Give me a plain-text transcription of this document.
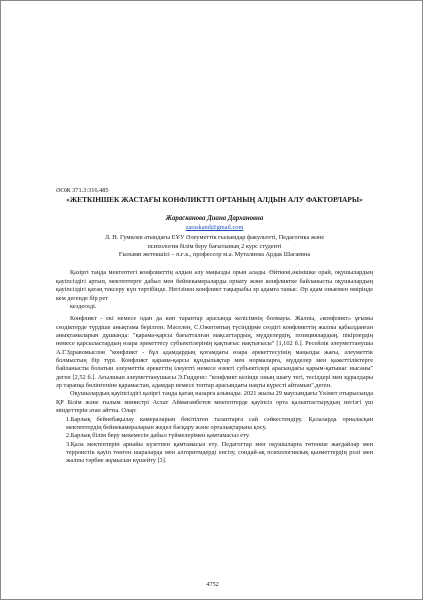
ӘОЖ 371.3:316.485

«ЖЕТКІНШЕК ЖАСТАҒЫ КОНФЛИКТТІ ОРТАНЫҢ АЛДЫН АЛУ ФАКТОРЛАРЫ»

Жарасканова Диана Дархановна

zaraskand@gmail.com
Л. Н. Гумилев атындағы ЕҰУ Әлеуметтік ғылымдар факультеті, Педагогика және
психология білім беру бағытының 2 курс студенті
Ғылыми жетекшісі – п.ғ.к., профессор м.а. Муталиева Ардак Шагаевна

Қазіргі таңда мектептегі конфликттің алдын алу маңызды орын алады. Өйткені,өкінішке орай, оқушылардың қауіпсіздігі артып, мектептерге дабыл мен бейнекамераларды орнату және конфликтке байланысты оқушылардың қауіпсіздігі қатаң тексеру күн тәртібінде. Негізінен конфликт тақырыбы әр адамға таныс. Әр адам оныемен өмірінде кем дегенде бір рет

кездеседі.

Конфликт - екі немесе одан да көп тараптар арасында келісімнің болмауы. Жалпы, «конфликт» ұғымы сөздіктерде түрдіше анықтама берілген. Мәселен, С.Ожеговтың түсіндірме сөздігі конфликттің жалпы қабылданған анықтамаларын дұшында: "қарама-қарсы бағытталған мақсаттардың, мүдделердің, позициялардың, пікірлердің немесе қарсыластардың өзара әрекеттесу субъектілерінің қақтығыс иақтығысы" [1,102 б.]. Ресейлік әлеуметтанушы А.Г.Здравомыслов "конфликт - бұл адамдардың қоғамдағы өзара әрекеттесуінің маңызды жағы, әлеуметтік болмыстың бір түрі. Конфликт қарама-қарсы құндылықтар мен нормаларға, мүдделер мен қажеттіліктерге байланысты болатын әлеуметтік әрекеттің ілеуетті немесе өзекті субъектілері арасындағы қарым-қатынас нысаны" деген [2,52 б.]. Ағылшын әлеуметтанушысы Э.Гидденс: "конфликт кезінде оның шығу тегі, тесілдері мен құралдары әр тарапқа бөлінгеніне қарамастан, адамдар немесе топтар арасындағы нақты күресті айтамын".деген.

Оқушылардың қауіпсіздігі қазіргі таңда қатаң назарға алынады. 2021 жылы 29 маусымдағы Үкімет отырысында ҚР Білім және ғылым министрі Асхат Аймағамбетов мектептерде қауіпсіз орта қалыптастырудың негізгі үш міндеттерін атап айтты. Олар:

1.Барлық бейнебақылау камераларын бекітілген талаптарға сай сәйкестендіру. Қалаларда орналасқан мектептердің бейнекамераларын жедел басқару және орталықтарына қосу.

2.Барлық білім беру мекемесін дабыл түймелерімен қамтамасыз ету.

3.Қала мектептерін арнайы күзетпен қамтамасыз ету. Педагогтар мен оқушыларға төтенше жағдайлар мен терроистік қауіп төнген шараларда мен алгоритмдерді енгізу, сондай-ақ психологиялық қызметтердің ролі мен жалпы тәрбие жұмысын күшейту [3].

4752
